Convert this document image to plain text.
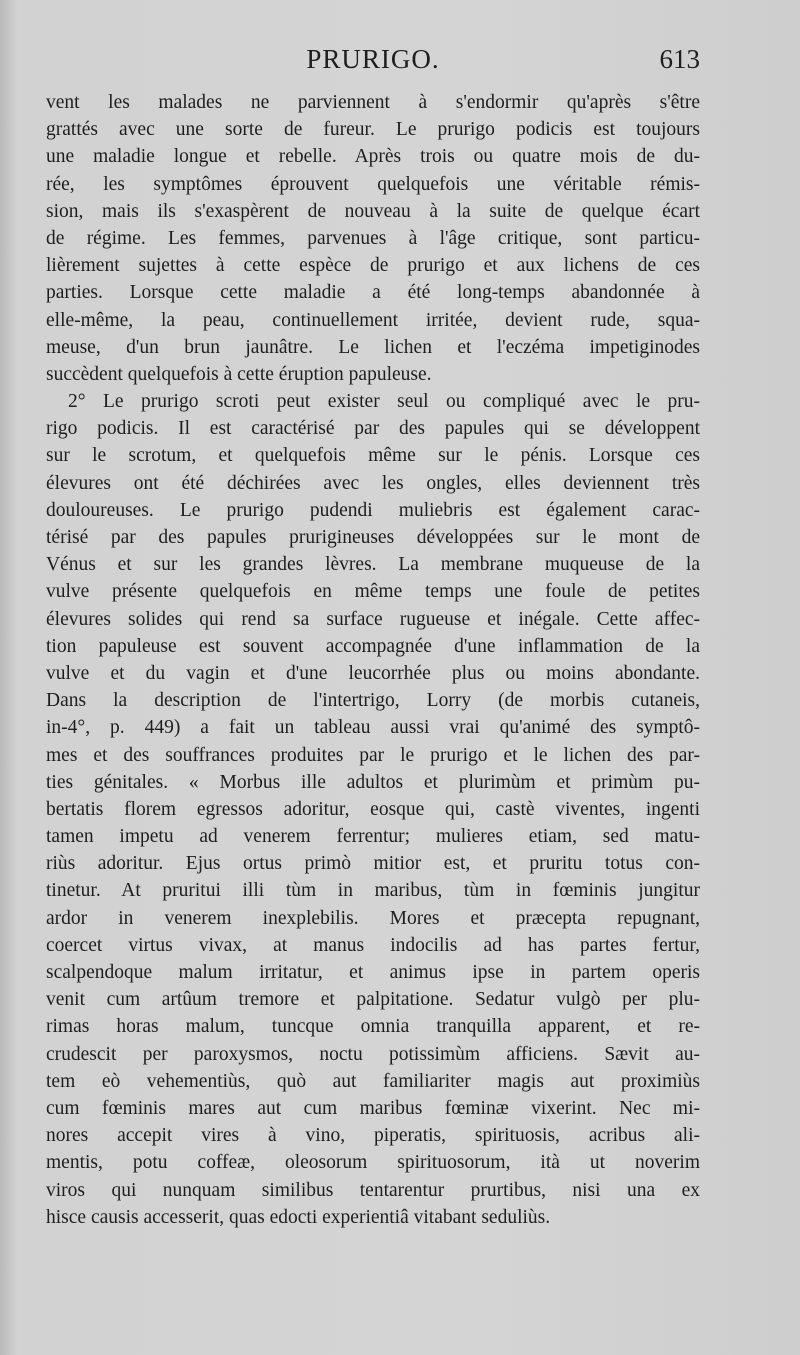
PRURIGO.	613
vent les malades ne parviennent à s'endormir qu'après s'être
grattés avec une sorte de fureur. Le prurigo podicis est toujours
une maladie longue et rebelle. Après trois ou quatre mois de du-
rée, les symptômes éprouvent quelquefois une véritable rémis-
sion, mais ils s'exaspèrent de nouveau à la suite de quelque écart
de régime. Les femmes, parvenues à l'âge critique, sont particu-
lièrement sujettes à cette espèce de prurigo et aux lichens de ces
parties. Lorsque cette maladie a été long-temps abandonnée à
elle-même, la peau, continuellement irritée, devient rude, squa-
meuse, d'un brun jaunâtre. Le lichen et l'eczéma impetiginodes
succèdent quelquefois à cette éruption papuleuse.
2° Le prurigo scroti peut exister seul ou compliqué avec le pru-
rigo podicis. Il est caractérisé par des papules qui se développent
sur le scrotum, et quelquefois même sur le pénis. Lorsque ces
élevures ont été déchirées avec les ongles, elles deviennent très
douloureuses. Le prurigo pudendi muliebris est également carac-
térisé par des papules prurigineuses développées sur le mont de
Vénus et sur les grandes lèvres. La membrane muqueuse de la
vulve présente quelquefois en même temps une foule de petites
élevures solides qui rend sa surface rugueuse et inégale. Cette affec-
tion papuleuse est souvent accompagnée d'une inflammation de la
vulve et du vagin et d'une leucorrhée plus ou moins abondante.
Dans la description de l'intertrigo, Lorry (de morbis cutaneis,
in-4°, p. 449) a fait un tableau aussi vrai qu'animé des symptô-
mes et des souffrances produites par le prurigo et le lichen des par-
ties génitales. « Morbus ille adultos et plurimùm et primùm pu-
bertatis florem egressos adoritur, eosque qui, castè viventes, ingenti
tamen impetu ad venerem ferrentur; mulieres etiam, sed matu-
riùs adoritur. Ejus ortus primò mitior est, et pruritu totus con-
tinetur. At prurituі illi tùm in maribus, tùm in fœminis jungitur
ardor in venerem inexplebilis. Mores et præcepta repugnant,
coercet virtus vivax, at manus indocilis ad has partes fertur,
scalpendoque malum irritatur, et animus ipse in partem operis
venit cum artûum tremore et palpitatione. Sedatur vulgò per plu-
rimas horas malum, tuncque omnia tranquilla apparent, et re-
crudescit per paroxysmos, noctu potissimùm afficiens. Sævit au-
tem eò vehementiùs, quò aut familiariter magis aut proximiùs
cum fœminis mares aut cum maribus fœminæ vixerint. Nec mi-
nores accepit vires à vino, piperatis, spirituosis, acribus ali-
mentis, potu coffeæ, oleosorum spirituosorum, ità ut noverim
viros qui nunquam similibus tentarentur prurtibus, nisi una ex
hisce causis accesserit, quas edocti experientiâ vitabant seduliùs.
